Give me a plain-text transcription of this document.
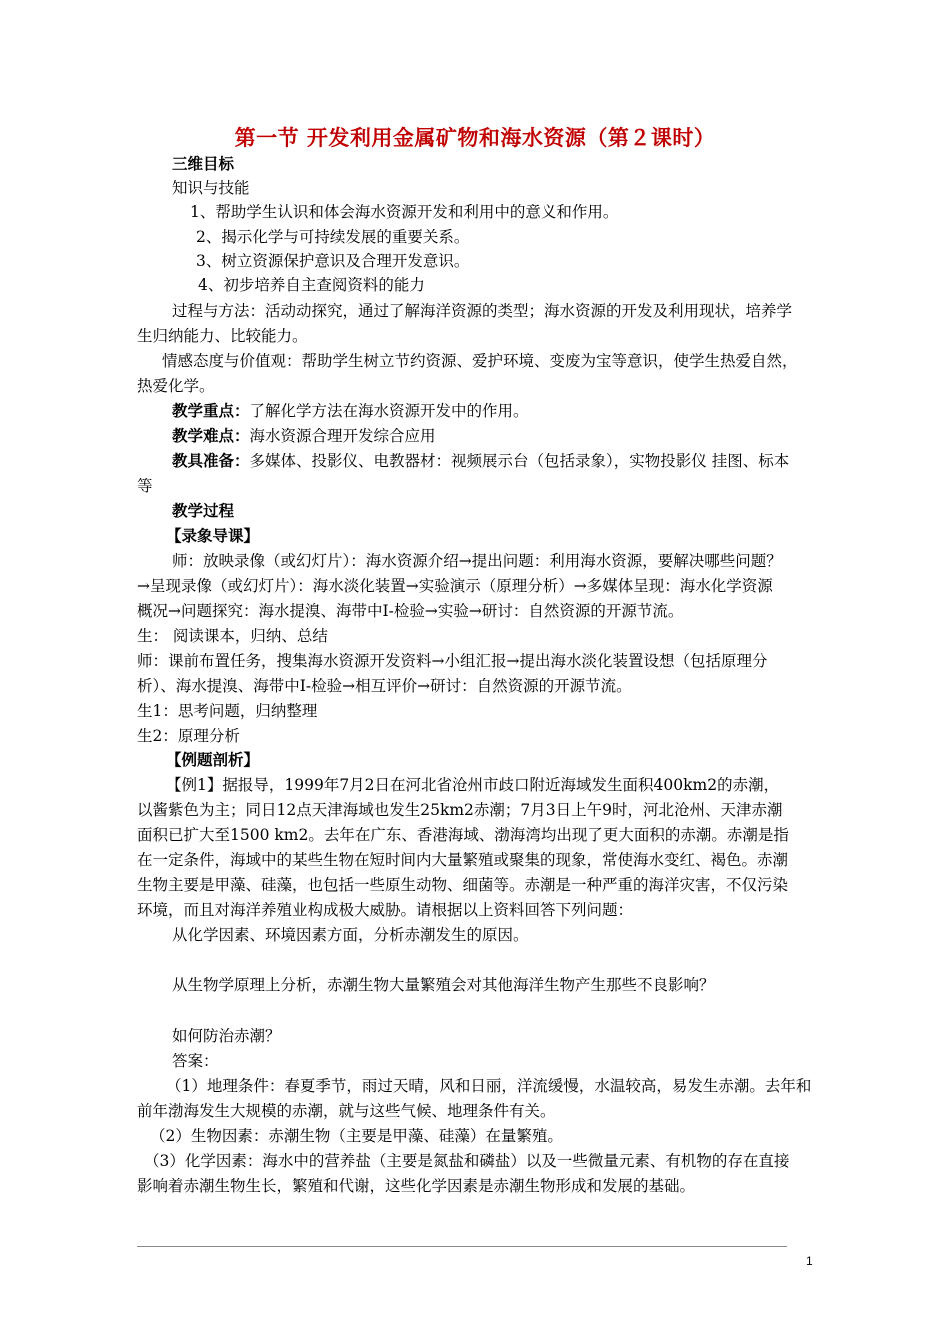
第一节 开发利用金属矿物和海水资源（第２课时）
三维目标
知识与技能
1、帮助学生认识和体会海水资源开发和利用中的意义和作用。
2、揭示化学与可持续发展的重要关系。
3、树立资源保护意识及合理开发意识。
4、初步培养自主查阅资料的能力
过程与方法：活动动探究，通过了解海洋资源的类型；海水资源的开发及利用现状，培养学
生归纳能力、比较能力。
情感态度与价值观：帮助学生树立节约资源、爱护环境、变废为宝等意识，使学生热爱自然，
热爱化学。
教学重点：了解化学方法在海水资源开发中的作用。
教学难点：海水资源合理开发综合应用
教具准备：多媒体、投影仪、电教器材：视频展示台（包括录象），实物投影仪 挂图、标本
等
教学过程
【录象导课】
师：放映录像（或幻灯片）：海水资源介绍→提出问题：利用海水资源，要解决哪些问题？
→呈现录像（或幻灯片）：海水淡化装置→实验演示（原理分析）→多媒体呈现：海水化学资源
概况→问题探究：海水提溴、海带中I-检验→实验→研讨：自然资源的开源节流。
生： 阅读课本，归纳、总结
师：课前布置任务，搜集海水资源开发资料→小组汇报→提出海水淡化装置设想（包括原理分
析）、海水提溴、海带中I-检验→相互评价→研讨：自然资源的开源节流。
生1：思考问题，归纳整理
生2：原理分析
【例题剖析】
【例1】据报导，1999年7月2日在河北省沧州市歧口附近海域发生面积400km2的赤潮，
以酱紫色为主；同日12点天津海域也发生25km2赤潮；7月3日上午9时，河北沧州、天津赤潮
面积已扩大至1500 km2。去年在广东、香港海域、渤海湾均出现了更大面积的赤潮。赤潮是指
在一定条件，海域中的某些生物在短时间内大量繁殖或聚集的现象，常使海水变红、褐色。赤潮
生物主要是甲藻、硅藻，也包括一些原生动物、细菌等。赤潮是一种严重的海洋灾害，不仅污染
环境，而且对海洋养殖业构成极大威胁。请根据以上资料回答下列问题：
从化学因素、环境因素方面，分析赤潮发生的原因。
从生物学原理上分析，赤潮生物大量繁殖会对其他海洋生物产生那些不良影响？
如何防治赤潮？
答案：
（1）地理条件：春夏季节，雨过天晴，风和日丽，洋流缓慢，水温较高，易发生赤潮。去年和
前年渤海发生大规模的赤潮，就与这些气候、地理条件有关。
（2）生物因素：赤潮生物（主要是甲藻、硅藻）在量繁殖。
（3）化学因素：海水中的营养盐（主要是氮盐和磷盐）以及一些微量元素、有机物的存在直接
影响着赤潮生物生长，繁殖和代谢，这些化学因素是赤潮生物形成和发展的基础。
1
